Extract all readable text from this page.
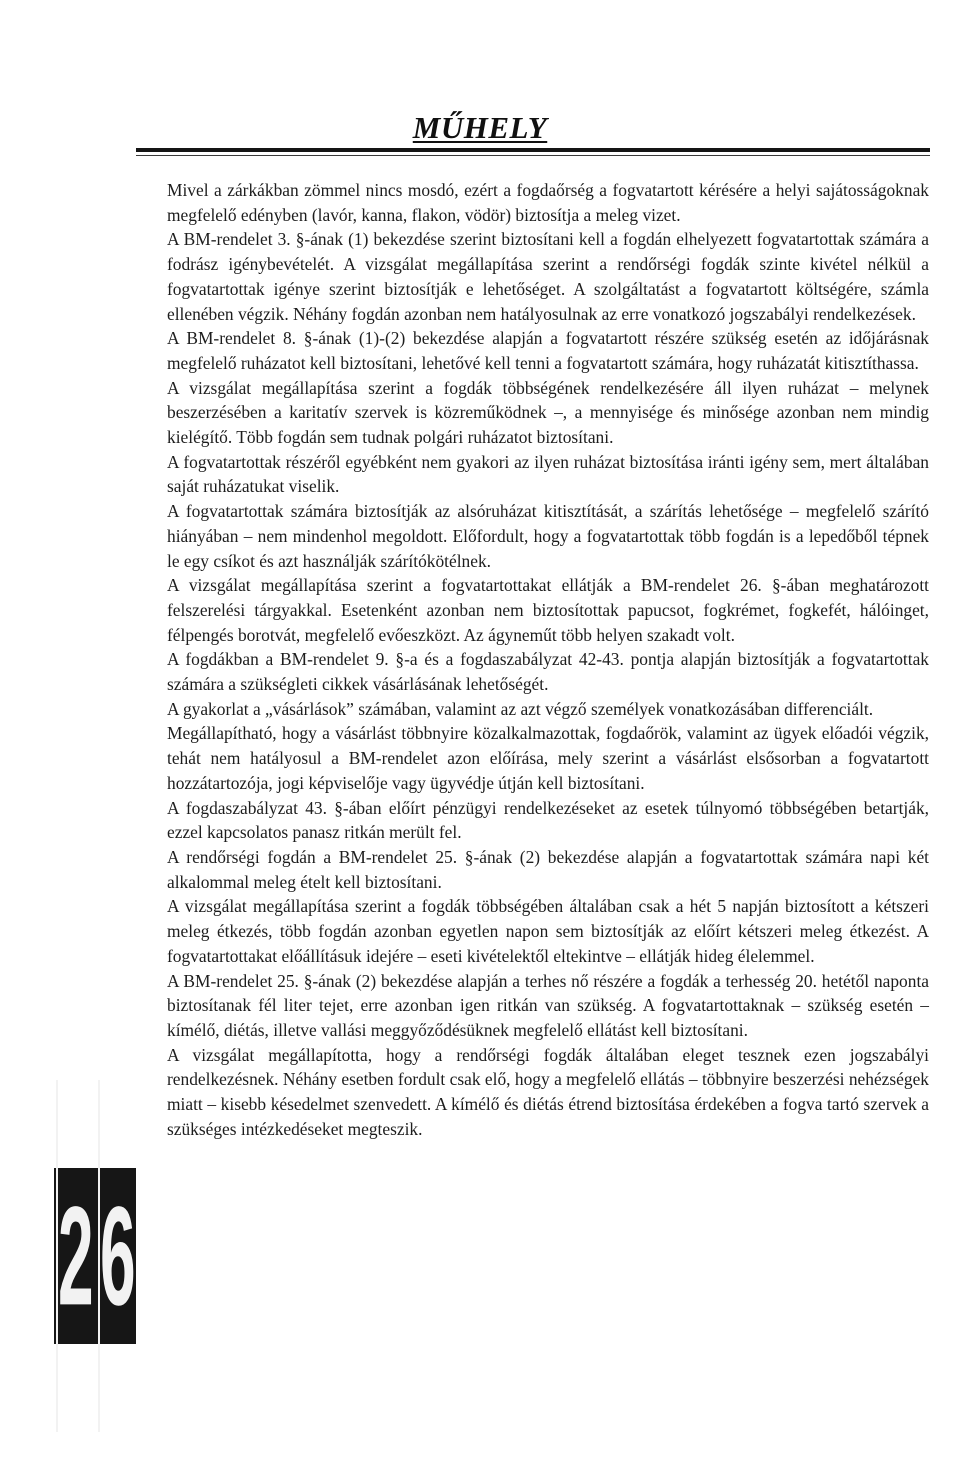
MŰHELY

Mivel a zárkákban zömmel nincs mosdó, ezért a fogdaőrség a fogvatartott kérésére a helyi sajátosságoknak megfelelő edényben (lavór, kanna, flakon, vödör) biztosítja a meleg vizet.

A BM-rendelet 3. §-ának (1) bekezdése szerint biztosítani kell a fogdán elhelyezett fogvatartottak számára a fodrász igénybevételét. A vizsgálat megállapítása szerint a rendőrségi fogdák szinte kivétel nélkül a fogvatartottak igénye szerint biztosítják e lehetőséget. A szolgáltatást a fogvatartott költségére, számla ellenében végzik. Néhány fogdán azonban nem hatályosulnak az erre vonatkozó jogszabályi rendelkezések.

A BM-rendelet 8. §-ának (1)-(2) bekezdése alapján a fogvatartott részére szükség esetén az időjárásnak megfelelő ruházatot kell biztosítani, lehetővé kell tenni a fogvatartott számára, hogy ruházatát kitisztíthassa.

A vizsgálat megállapítása szerint a fogdák többségének rendelkezésére áll ilyen ruházat – melynek beszerzésében a karitatív szervek is közreműködnek –, a mennyisége és minősége azonban nem mindig kielégítő. Több fogdán sem tudnak polgári ruházatot biztosítani.

A fogvatartottak részéről egyébként nem gyakori az ilyen ruházat biztosítása iránti igény sem, mert általában saját ruházatukat viselik.

A fogvatartottak számára biztosítják az alsóruházat kitisztítását, a szárítás lehetősége – megfelelő szárító hiányában – nem mindenhol megoldott. Előfordult, hogy a fogvatartottak több fogdán is a lepedőből tépnek le egy csíkot és azt használják szárítókötélnek.

A vizsgálat megállapítása szerint a fogvatartottakat ellátják a BM-rendelet 26. §-ában meghatározott felszerelési tárgyakkal. Esetenként azonban nem biztosítottak papucsot, fogkrémet, fogkefét, hálóinget, félpengés borotvát, megfelelő evőeszközt. Az ágyneműt több helyen szakadt volt.

A fogdákban a BM-rendelet 9. §-a és a fogdaszabályzat 42-43. pontja alapján biztosítják a fogvatartottak számára a szükségleti cikkek vásárlásának lehetőségét.

A gyakorlat a „vásárlások” számában, valamint az azt végző személyek vonatkozásában differenciált.

Megállapítható, hogy a vásárlást többnyire közalkalmazottak, fogdaőrök, valamint az ügyek előadói végzik, tehát nem hatályosul a BM-rendelet azon előírása, mely szerint a vásárlást elsősorban a fogvatartott hozzátartozója, jogi képviselője vagy ügyvédje útján kell biztosítani.

A fogdaszabályzat 43. §-ában előírt pénzügyi rendelkezéseket az esetek túlnyomó többségében betartják, ezzel kapcsolatos panasz ritkán merült fel.

A rendőrségi fogdán a BM-rendelet 25. §-ának (2) bekezdése alapján a fogvatartottak számára napi két alkalommal meleg ételt kell biztosítani.

A vizsgálat megállapítása szerint a fogdák többségében általában csak a hét 5 napján biztosított a kétszeri meleg étkezés, több fogdán azonban egyetlen napon sem biztosítják az előírt kétszeri meleg étkezést. A fogvatartottakat előállításuk idejére – eseti kivételektől eltekintve – ellátják hideg élelemmel.

A BM-rendelet 25. §-ának (2) bekezdése alapján a terhes nő részére a fogdák a terhesség 20. hetétől naponta biztosítanak fél liter tejet, erre azonban igen ritkán van szükség. A fogvatartottaknak – szükség esetén – kímélő, diétás, illetve vallási meggyőződésüknek megfelelő ellátást kell biztosítani.

A vizsgálat megállapította, hogy a rendőrségi fogdák általában eleget tesznek ezen jogszabályi rendelkezésnek. Néhány esetben fordult csak elő, hogy a megfelelő ellátás – többnyire beszerzési nehézségek miatt – kisebb késedelmet szenvedett. A kímélő és diétás étrend biztosítása érdekében a fogva tartó szervek a szükséges intézkedéseket megteszik.

2 6
